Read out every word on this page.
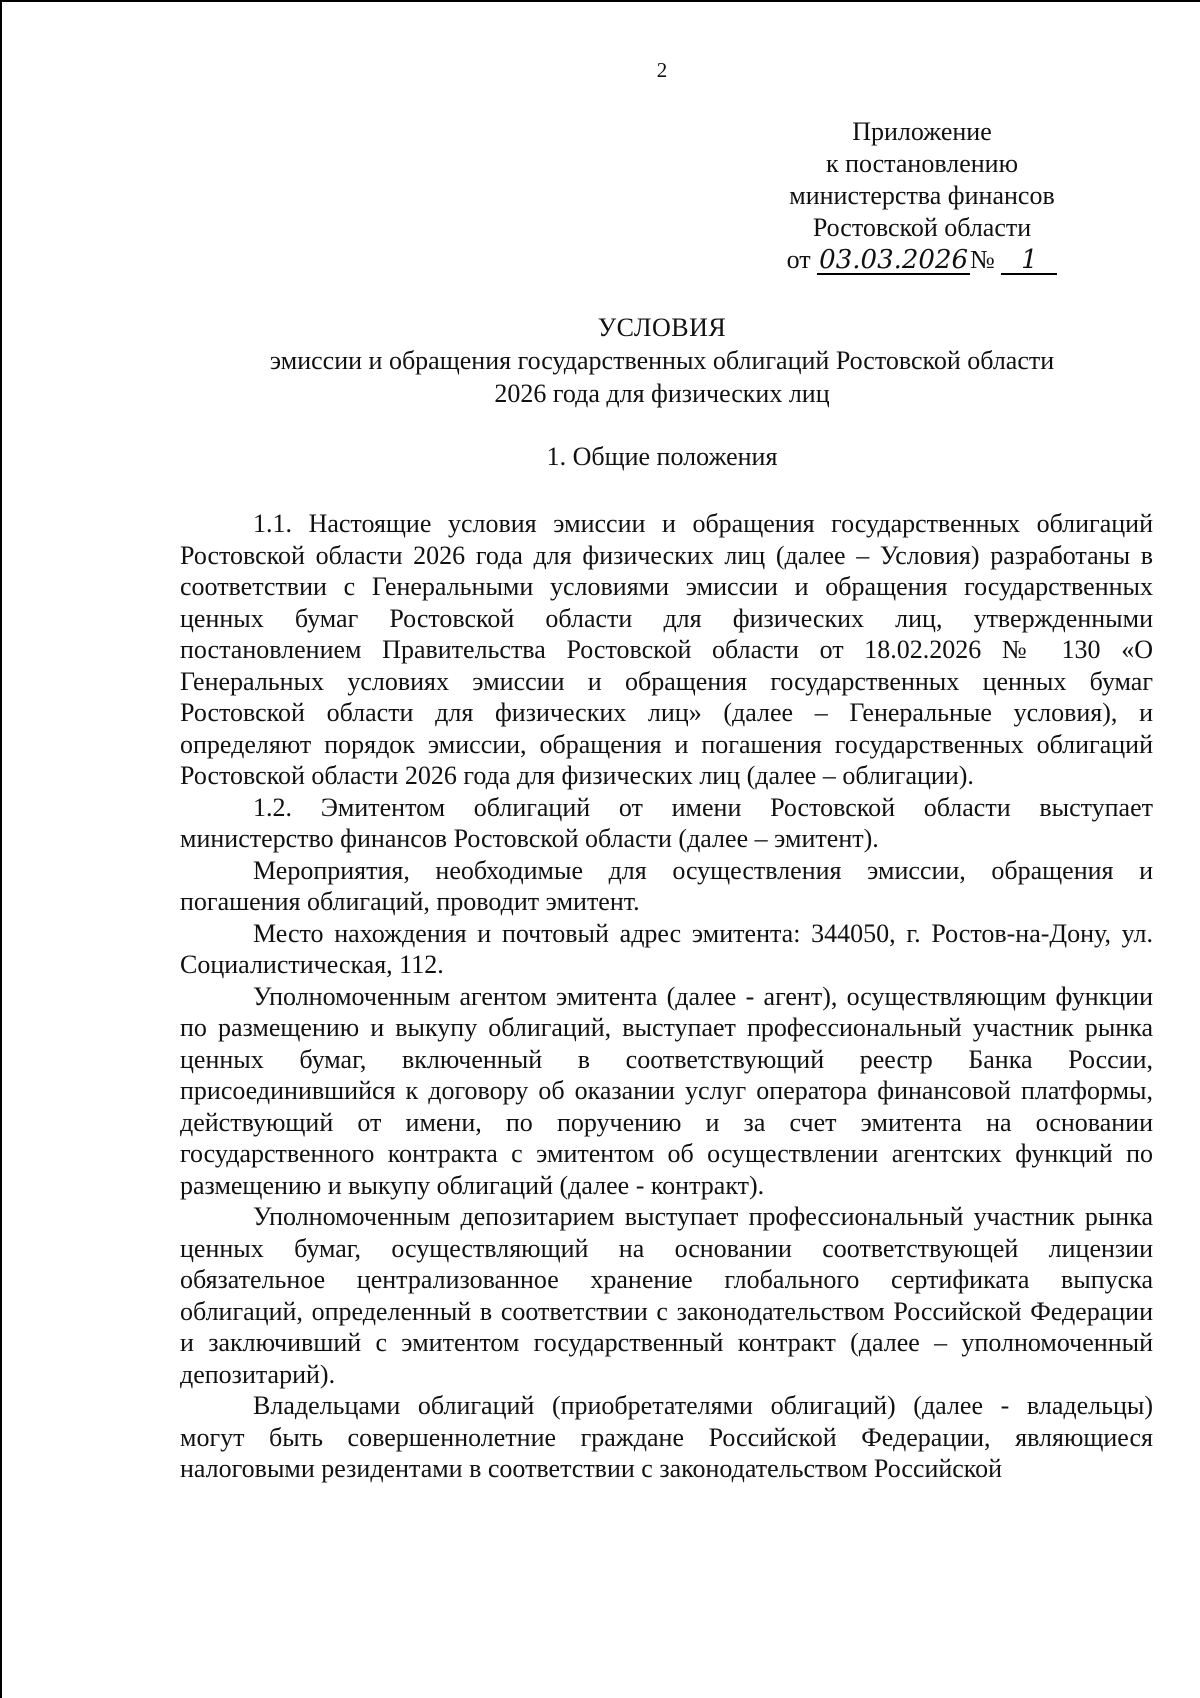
2
Приложение
к постановлению
министерства финансов
Ростовской области
от 03.03.2026№ 1
УСЛОВИЯ
эмиссии и обращения государственных облигаций Ростовской области
2026 года для физических лиц
1. Общие положения

1.1. Настоящие условия эмиссии и обращения государственных облигаций Ростовской области 2026 года для физических лиц (далее – Условия) разработаны в соответствии с Генеральными условиями эмиссии и обращения государственных ценных бумаг Ростовской области для физических лиц, утвержденными постановлением Правительства Ростовской области от 18.02.2026 № 130 «О Генеральных условиях эмиссии и обращения государственных ценных бумаг Ростовской области для физических лиц» (далее – Генеральные условия), и определяют порядок эмиссии, обращения и погашения государственных облигаций Ростовской области 2026 года для физических лиц (далее – облигации).

1.2. Эмитентом облигаций от имени Ростовской области выступает министерство финансов Ростовской области (далее – эмитент).

Мероприятия, необходимые для осуществления эмиссии, обращения и погашения облигаций, проводит эмитент.

Место нахождения и почтовый адрес эмитента: 344050, г. Ростов-на-Дону, ул. Социалистическая, 112.

Уполномоченным агентом эмитента (далее - агент), осуществляющим функции по размещению и выкупу облигаций, выступает профессиональный участник рынка ценных бумаг, включенный в соответствующий реестр Банка России, присоединившийся к договору об оказании услуг оператора финансовой платформы, действующий от имени, по поручению и за счет эмитента на основании государственного контракта с эмитентом об осуществлении агентских функций по размещению и выкупу облигаций (далее - контракт).

Уполномоченным депозитарием выступает профессиональный участник рынка ценных бумаг, осуществляющий на основании соответствующей лицензии обязательное централизованное хранение глобального сертификата выпуска облигаций, определенный в соответствии с законодательством Российской Федерации и заключивший с эмитентом государственный контракт (далее – уполномоченный депозитарий).

Владельцами облигаций (приобретателями облигаций) (далее - владельцы) могут быть совершеннолетние граждане Российской Федерации, являющиеся налоговыми резидентами в соответствии с законодательством Российской
